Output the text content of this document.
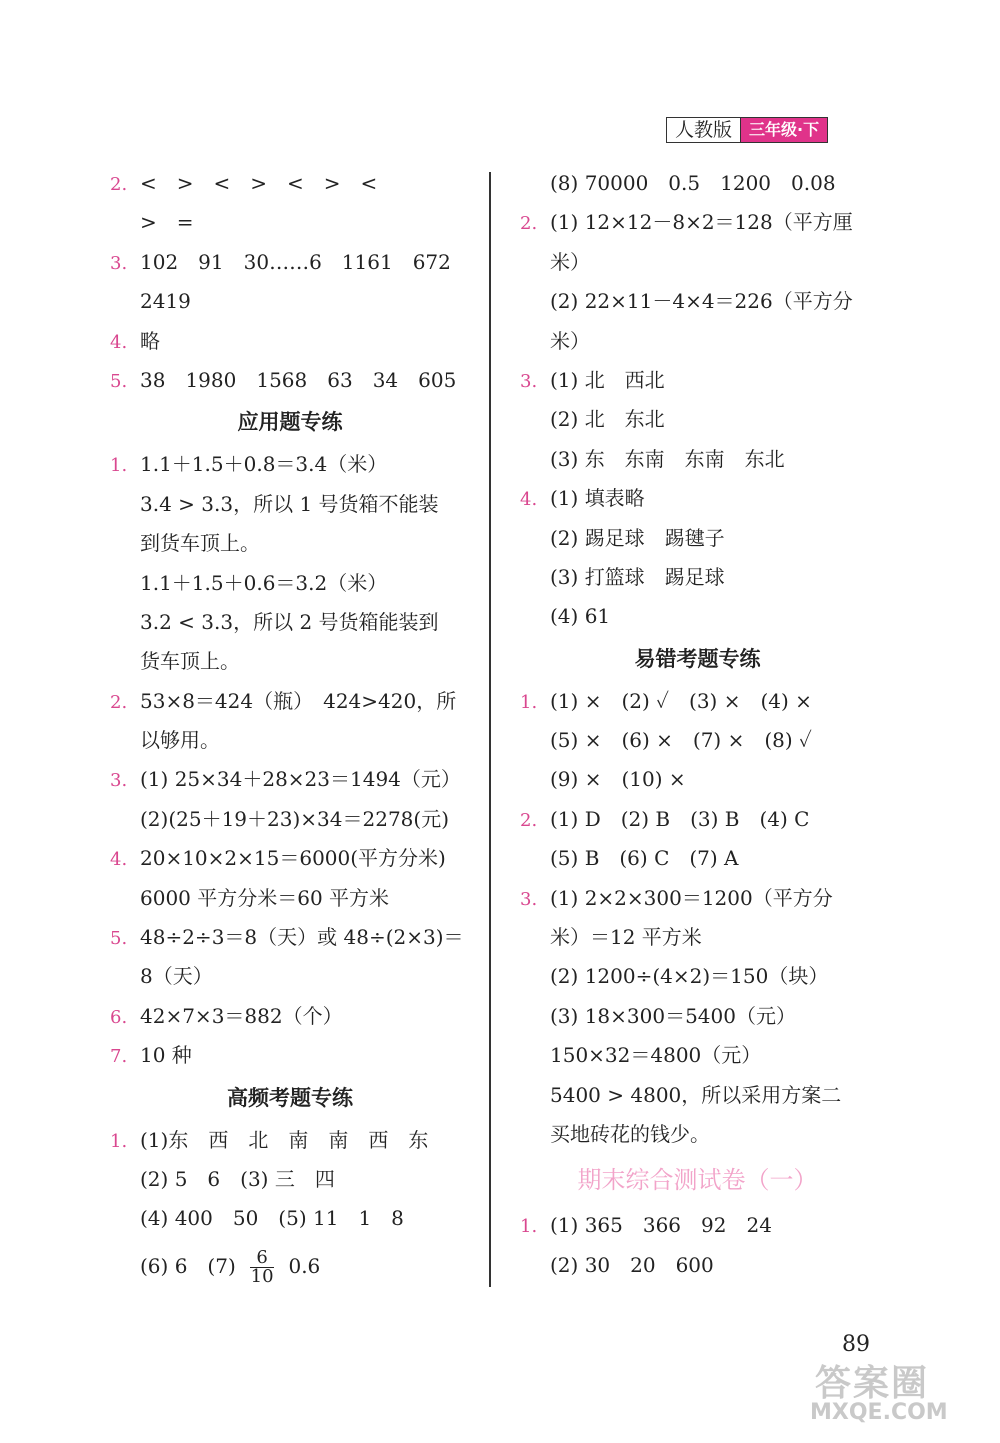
人教版	三年级·下
2. <　>　<　>　<　>　<
>　=
3. 102　91　30……6　1161　672
2419
4. 略
5. 38　1980　1568　63　34　605
应用题专练
1. 1.1＋1.5＋0.8＝3.4（米）
3.4 > 3.3，所以 1 号货箱不能装
到货车顶上。
1.1＋1.5＋0.6＝3.2（米）
3.2 < 3.3，所以 2 号货箱能装到
货车顶上。
2. 53×8＝424（瓶）　424>420，所
以够用。
3. (1) 25×34＋28×23＝1494（元）
(2)(25＋19＋23)×34＝2278(元)
4. 20×10×2×15＝6000(平方分米)
6000 平方分米＝60 平方米
5. 48÷2÷3＝8（天）或 48÷(2×3)＝
8（天）
6. 42×7×3＝882（个）
7. 10 种
高频考题专练
1. (1)东　西　北　南　南　西　东
(2) 5　6　(3) 三　四
(4) 400　50　(5) 11　1　8
(6) 6　$(7) \frac{6}{10} 0.6$
(8) 70000　0.5　1200　0.08
2. (1) 12×12－8×2＝128（平方厘
米）
(2) 22×11－4×4＝226（平方分
米）
3. (1) 北　西北
(2) 北　东北
(3) 东　东南　东南　东北
4. (1) 填表略
(2) 踢足球　踢毽子
(3) 打篮球　踢足球
(4) 61
易错考题专练
1. (1) ×　(2) ✓　(3) ×　(4) ×
(5) ×　(6) ×　(7) ×　(8) ✓
(9) ×　(10) ×
2. (1) D　(2) B　(3) B　(4) C
(5) B　(6) C　(7) A
3. (1) 2×2×300＝1200（平方分
米）＝12 平方米
(2) 1200÷(4×2)＝150（块）
(3) 18×300＝5400（元）
150×32＝4800（元）
5400 > 4800，所以采用方案二
买地砖花的钱少。
期末综合测试卷（一）
1. (1) 365　366　92　24
(2) 30　20　600
89
答案圈
MXQE.COM
